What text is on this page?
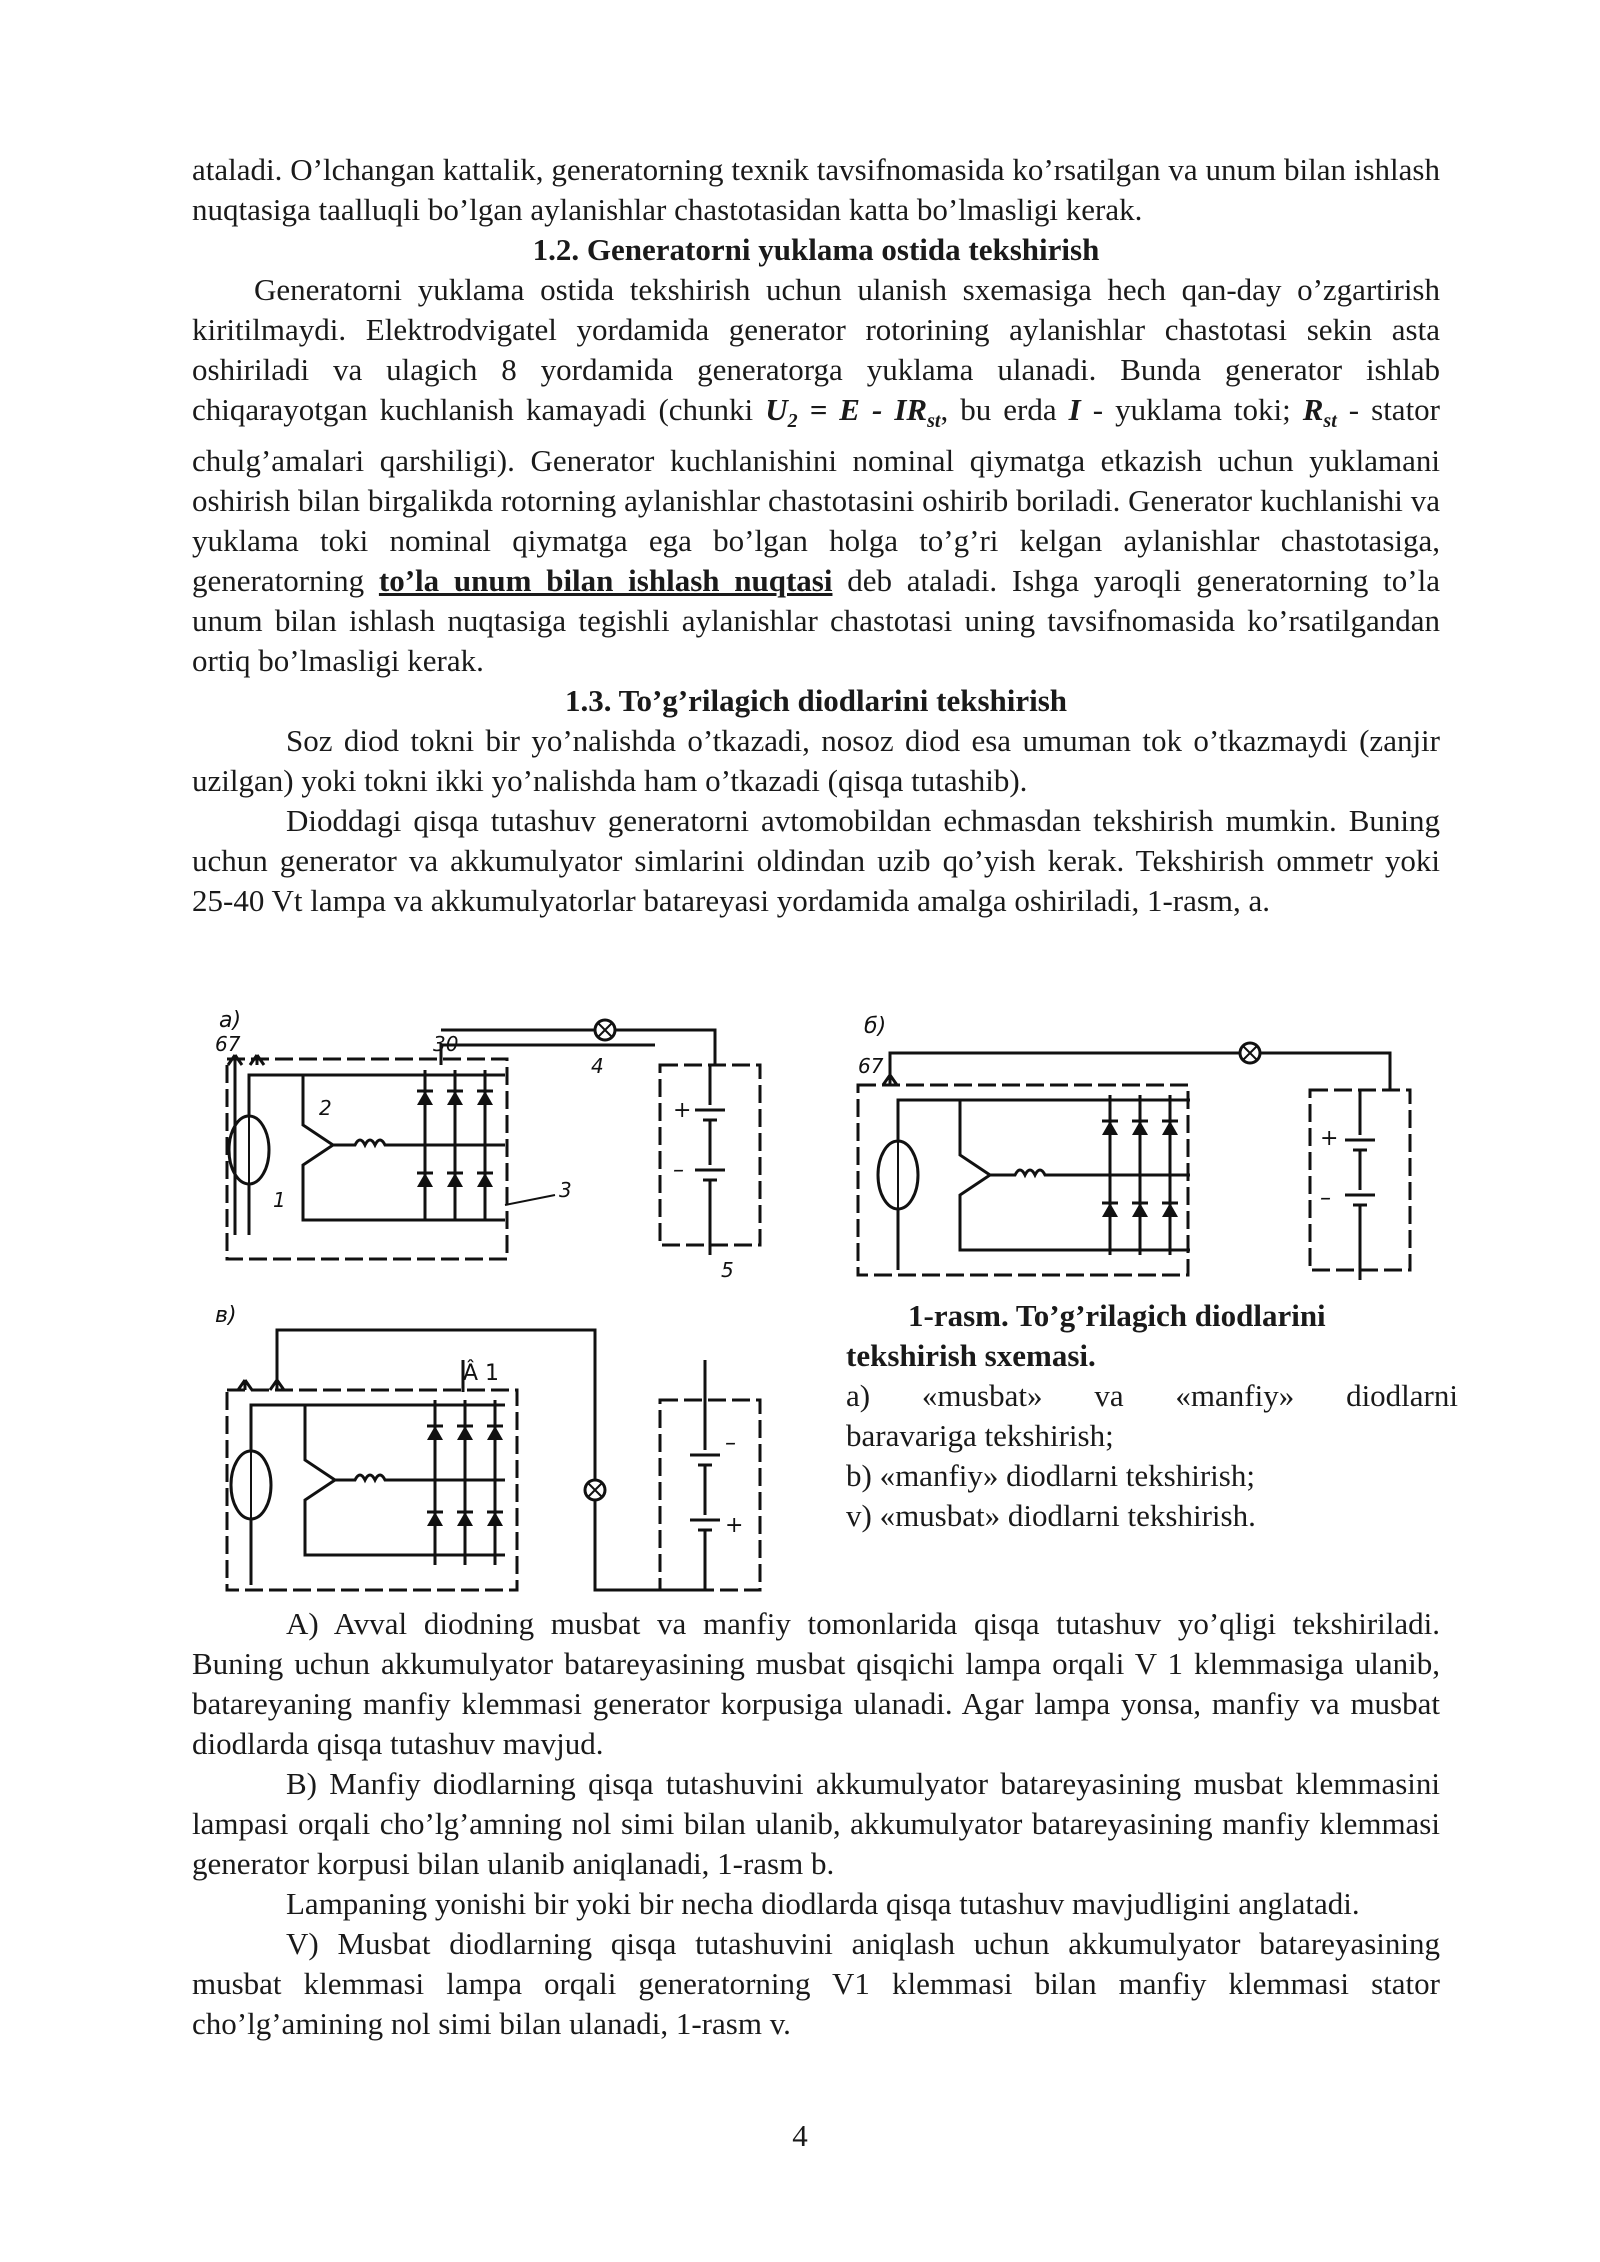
ataladi. O’lchangan kattalik, generatorning texnik tavsifnomasida ko’rsatilgan va unum bilan ishlash nuqtasiga taalluqli bo’lgan aylanishlar chastotasidan katta bo’lmasligi kerak.

1.2. Generatorni yuklama ostida tekshirish

Generatorni yuklama ostida tekshirish uchun ulanish sxemasiga hech qan-day o’zgartirish kiritilmaydi. Elektrodvigatel yordamida generator rotorining aylanishlar chastotasi sekin asta oshiriladi va ulagich 8 yordamida generatorga yuklama ulanadi. Bunda generator ishlab chiqarayotgan kuchlanish kamayadi (chunki $U_2 = E - IR_{st}$, bu erda I - yuklama toki; $R_{st}$ - stator chulg’amalari qarshiligi). Generator kuchlanishini nominal qiymatga etkazish uchun yuklamani oshirish bilan birgalikda rotorning aylanishlar chastotasini oshirib boriladi. Generator kuchlanishi va yuklama toki nominal qiymatga ega bo’lgan holga to’g’ri kelgan aylanishlar chastotasiga, generatorning to’la unum bilan ishlash nuqtasi deb ataladi. Ishga yaroqli generatorning to’la unum bilan ishlash nuqtasiga tegishli aylanishlar chastotasi uning tavsifnomasida ko’rsatilgandan ortiq bo’lmasligi kerak.

1.3. To’g’rilagich diodlarini tekshirish

Soz diod tokni bir yo’nalishda o’tkazadi, nosoz diod esa umuman tok o’tkazmaydi (zanjir uzilgan) yoki tokni ikki yo’nalishda ham o’tkazadi (qisqa tutashib).

Dioddagi qisqa tutashuv generatorni avtomobildan echmasdan tekshirish mumkin. Buning uchun generator va akkumulyator simlarini oldindan uzib qo’yish kerak. Tekshirish ommetr yoki 25-40 Vt lampa va akkumulyatorlar batareyasi yordamida amalga oshiriladi, 1-rasm, a.

a)
67	30
2
1	3
4
5
+
–
б)
67
+
–
в)
Â 1
–
+

1-rasm. To’g’rilagich diodlarini

tekshirish sxemasi.

a) «musbat» va «manfiy» diodlarni

baravariga tekshirish;

b) «manfiy» diodlarni tekshirish;

v) «musbat» diodlarni tekshirish.

A) Avval diodning musbat va manfiy tomonlarida qisqa tutashuv yo’qligi tekshiriladi. Buning uchun akkumulyator batareyasining musbat qisqichi lampa orqali V 1 klemmasiga ulanib, batareyaning manfiy klemmasi generator korpusiga ulanadi. Agar lampa yonsa, manfiy va musbat diodlarda qisqa tutashuv mavjud.

B) Manfiy diodlarning qisqa tutashuvini akkumulyator batareyasining musbat klemmasini lampasi orqali cho’lg’amning nol simi bilan ulanib, akkumulyator batareyasining manfiy klemmasi generator korpusi bilan ulanib aniqlanadi, 1-rasm b.

Lampaning yonishi bir yoki bir necha diodlarda qisqa tutashuv mavjudligini anglatadi.

V) Musbat diodlarning qisqa tutashuvini aniqlash uchun akkumulyator batareyasining musbat klemmasi lampa orqali generatorning V1 klemmasi bilan manfiy klemmasi stator cho’lg’amining nol simi bilan ulanadi, 1-rasm v.

4
